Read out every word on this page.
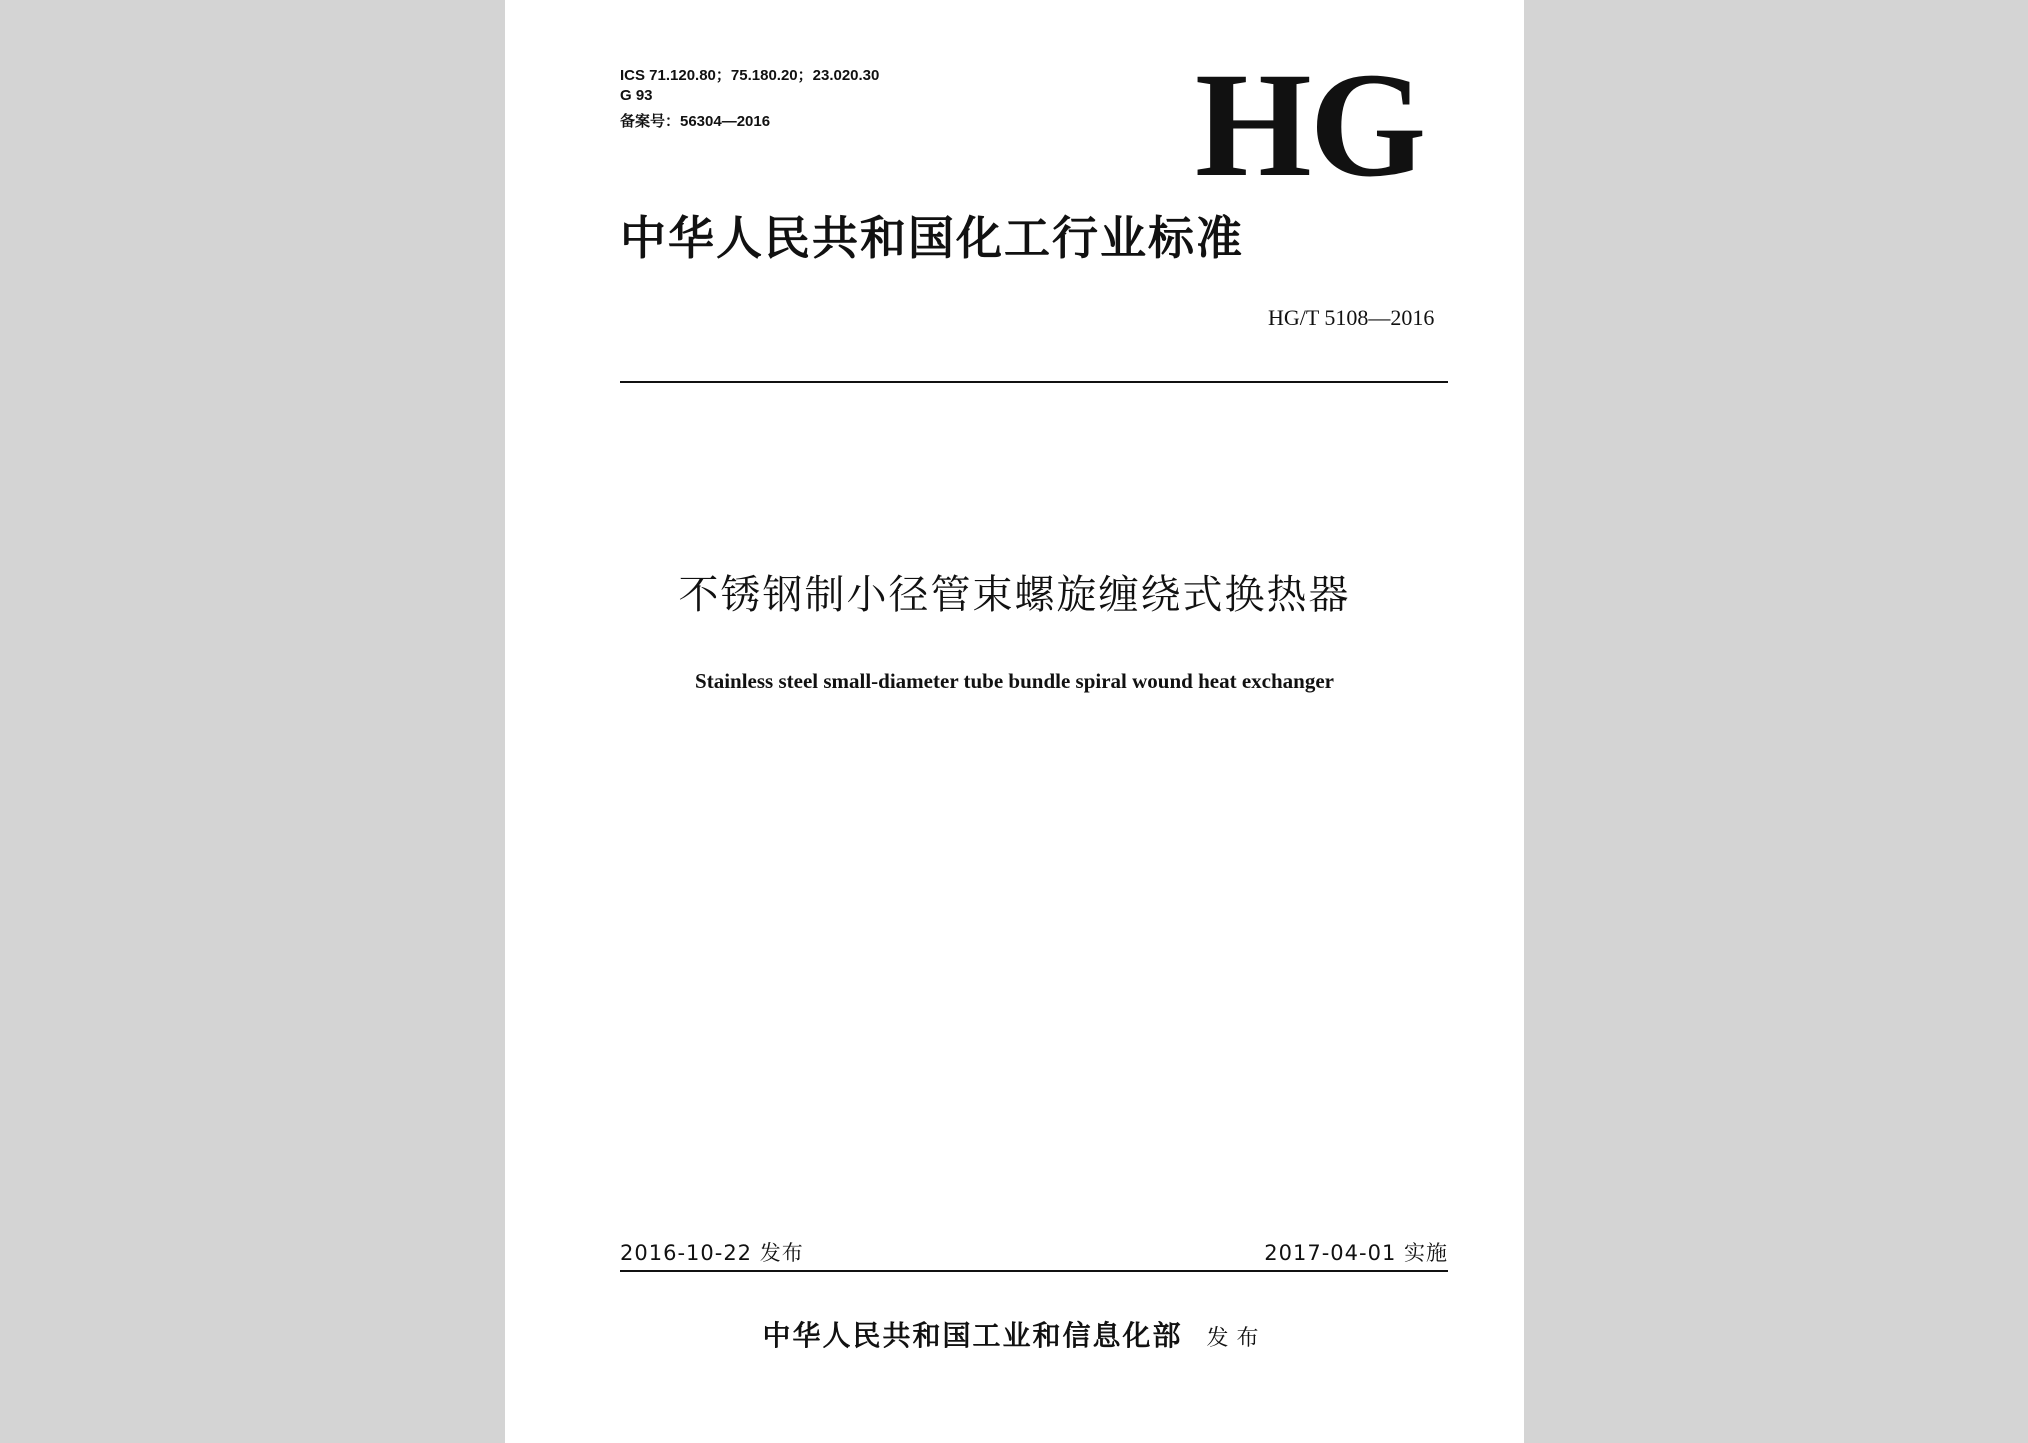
ICS 71.120.80；75.180.20；23.020.30
G 93
备案号：56304—2016	HG
中华人民共和国化工行业标准
HG/T 5108—2016
不锈钢制小径管束螺旋缠绕式换热器
Stainless steel small-diameter tube bundle spiral wound heat exchanger
2016-10-22 发布	2017-04-01 实施
中华人民共和国工业和信息化部 发布
